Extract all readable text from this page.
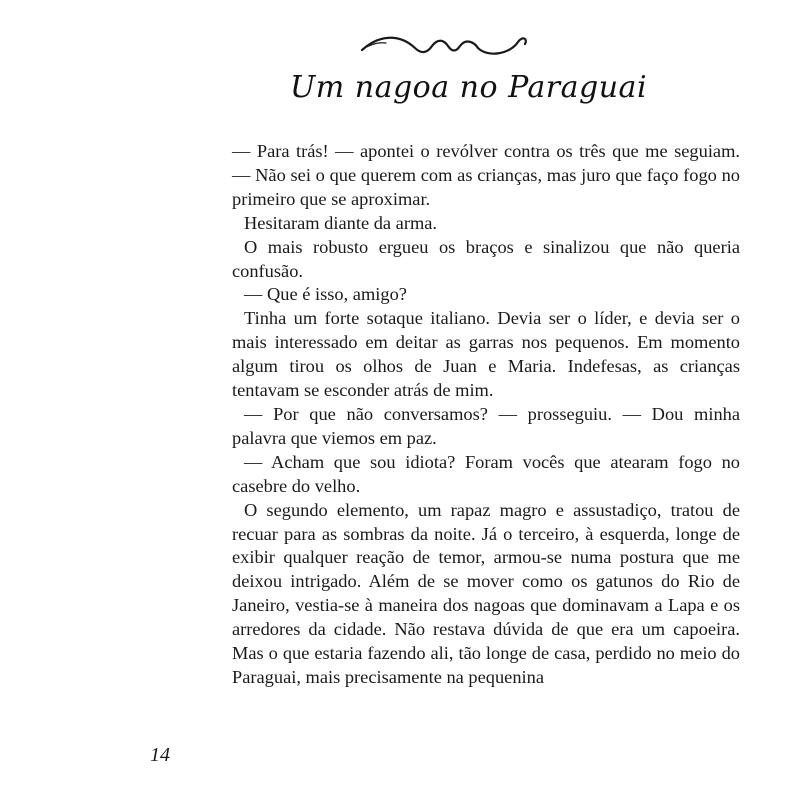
Um nagoa no Paraguai

— Para trás! — apontei o revólver contra os três que me seguiam. — Não sei o que querem com as crianças, mas juro que faço fogo no primeiro que se aproximar.

Hesitaram diante da arma.

O mais robusto ergueu os braços e sinalizou que não queria confusão.

— Que é isso, amigo?

Tinha um forte sotaque italiano. Devia ser o líder, e devia ser o mais interessado em deitar as garras nos pequenos. Em momento algum tirou os olhos de Juan e Maria. Indefesas, as crianças tentavam se esconder atrás de mim.

— Por que não conversamos? — prosseguiu. — Dou minha palavra que viemos em paz.

— Acham que sou idiota? Foram vocês que atearam fogo no casebre do velho.

O segundo elemento, um rapaz magro e assustadiço, tratou de recuar para as sombras da noite. Já o terceiro, à esquerda, longe de exibir qualquer reação de temor, armou-se numa postura que me deixou intrigado. Além de se mover como os gatunos do Rio de Janeiro, vestia-se à maneira dos nagoas que dominavam a Lapa e os arredores da cidade. Não restava dúvida de que era um capoeira. Mas o que estaria fazendo ali, tão longe de casa, perdido no meio do Paraguai, mais precisamente na pequenina

14
